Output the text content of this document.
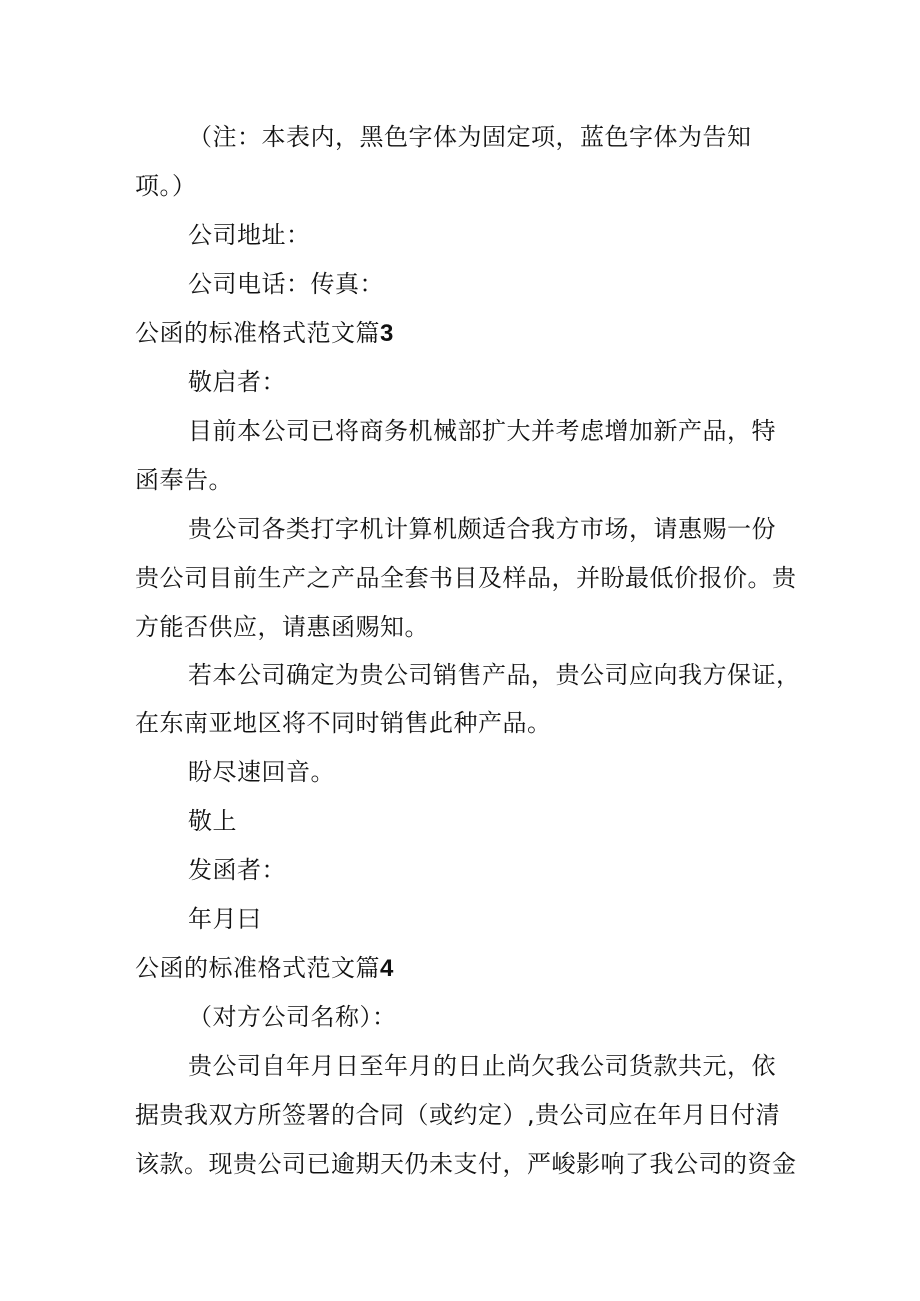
（注：本表内，黑色字体为固定项，蓝色字体为告知
项。）
公司地址：
公司电话：传真：
公函的标准格式范文篇3
敬启者：
目前本公司已将商务机械部扩大并考虑增加新产品，特
函奉告。
贵公司各类打字机计算机颇适合我方市场，请惠赐一份
贵公司目前生产之产品全套书目及样品，并盼最低价报价。贵
方能否供应，请惠函赐知。
若本公司确定为贵公司销售产品，贵公司应向我方保证，
在东南亚地区将不同时销售此种产品。
盼尽速回音。
敬上
发函者：
年月曰
公函的标准格式范文篇4
（对方公司名称）：
贵公司自年月日至年月的日止尚欠我公司货款共元，依
据贵我双方所签署的合同（或约定）,贵公司应在年月日付清
该款。现贵公司已逾期天仍未支付，严峻影响了我公司的资金
